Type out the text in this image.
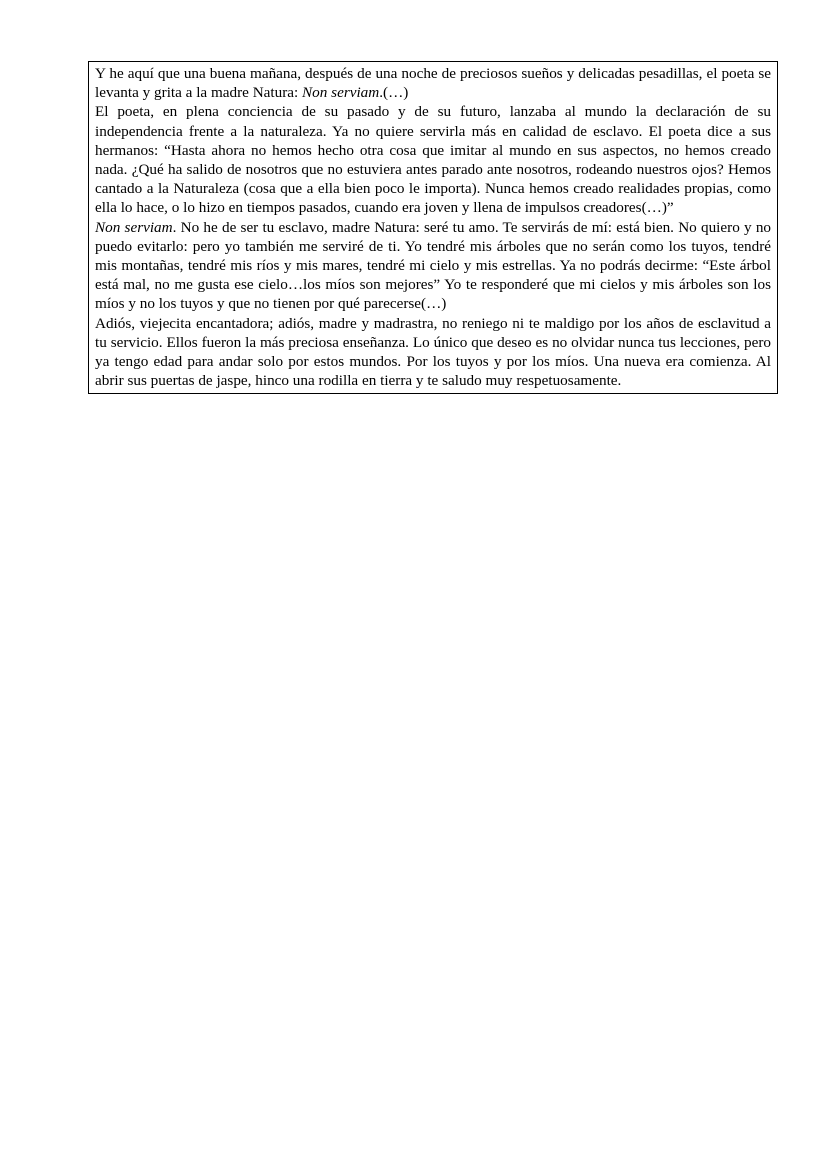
Y he aquí que una buena mañana, después de una noche de preciosos sueños y delicadas pesadillas, el poeta se levanta y grita a la madre Natura: Non serviam.(…)

El poeta, en plena conciencia de su pasado y de su futuro, lanzaba al mundo la declaración de su independencia frente a la naturaleza. Ya no quiere servirla más en calidad de esclavo. El poeta dice a sus hermanos: “Hasta ahora no hemos hecho otra cosa que imitar al mundo en sus aspectos, no hemos creado nada. ¿Qué ha salido de nosotros que no estuviera antes parado ante nosotros, rodeando nuestros ojos? Hemos cantado a la Naturaleza (cosa que a ella bien poco le importa). Nunca hemos creado realidades propias, como ella lo hace, o lo hizo en tiempos pasados, cuando era joven y llena de impulsos creadores(…)”

Non serviam. No he de ser tu esclavo, madre Natura: seré tu amo. Te servirás de mí: está bien. No quiero y no puedo evitarlo: pero yo también me serviré de ti. Yo tendré mis árboles que no serán como los tuyos, tendré mis montañas, tendré mis ríos y mis mares, tendré mi cielo y mis estrellas. Ya no podrás decirme: “Este árbol está mal, no me gusta ese cielo…los míos son mejores” Yo te responderé que mi cielos y mis árboles son los míos y no los tuyos y que no tienen por qué parecerse(…)

Adiós, viejecita encantadora; adiós, madre y madrastra, no reniego ni te maldigo por los años de esclavitud a tu servicio. Ellos fueron la más preciosa enseñanza. Lo único que deseo es no olvidar nunca tus lecciones, pero ya tengo edad para andar solo por estos mundos. Por los tuyos y por los míos. Una nueva era comienza. Al abrir sus puertas de jaspe, hinco una rodilla en tierra y te saludo muy respetuosamente.
